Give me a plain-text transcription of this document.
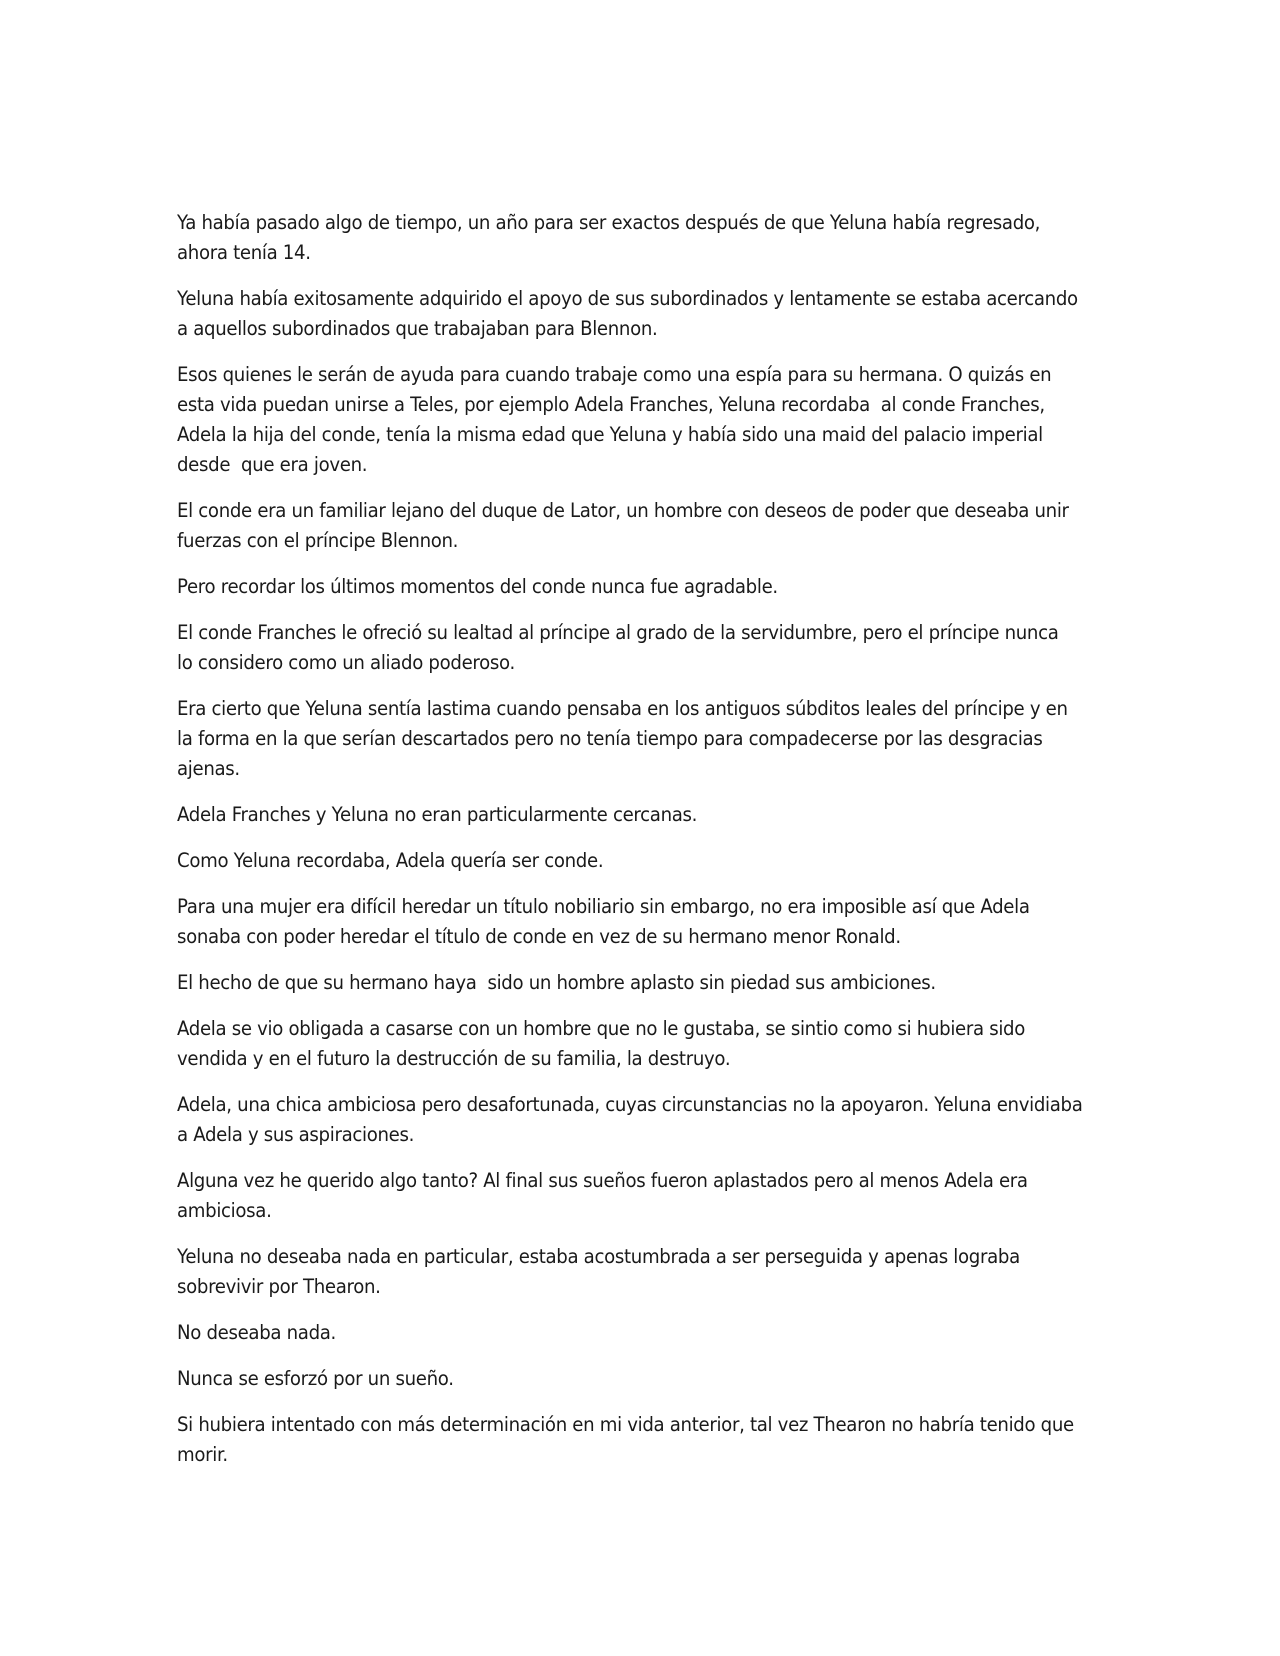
Ya había pasado algo de tiempo, un año para ser exactos después de que Yeluna había regresado,
ahora tenía 14.

Yeluna había exitosamente adquirido el apoyo de sus subordinados y lentamente se estaba acercando
a aquellos subordinados que trabajaban para Blennon.

Esos quienes le serán de ayuda para cuando trabaje como una espía para su hermana. O quizás en
esta vida puedan unirse a Teles, por ejemplo Adela Franches, Yeluna recordaba  al conde Franches,
Adela la hija del conde, tenía la misma edad que Yeluna y había sido una maid del palacio imperial
desde  que era joven.

El conde era un familiar lejano del duque de Lator, un hombre con deseos de poder que deseaba unir
fuerzas con el príncipe Blennon.

Pero recordar los últimos momentos del conde nunca fue agradable.

El conde Franches le ofreció su lealtad al príncipe al grado de la servidumbre, pero el príncipe nunca
lo considero como un aliado poderoso.

Era cierto que Yeluna sentía lastima cuando pensaba en los antiguos súbditos leales del príncipe y en
la forma en la que serían descartados pero no tenía tiempo para compadecerse por las desgracias
ajenas.

Adela Franches y Yeluna no eran particularmente cercanas.

Como Yeluna recordaba, Adela quería ser conde.

Para una mujer era difícil heredar un título nobiliario sin embargo, no era imposible así que Adela
sonaba con poder heredar el título de conde en vez de su hermano menor Ronald.

El hecho de que su hermano haya  sido un hombre aplasto sin piedad sus ambiciones.

Adela se vio obligada a casarse con un hombre que no le gustaba, se sintio como si hubiera sido
vendida y en el futuro la destrucción de su familia, la destruyo.

Adela, una chica ambiciosa pero desafortunada, cuyas circunstancias no la apoyaron. Yeluna envidiaba
a Adela y sus aspiraciones.

Alguna vez he querido algo tanto? Al final sus sueños fueron aplastados pero al menos Adela era
ambiciosa.

Yeluna no deseaba nada en particular, estaba acostumbrada a ser perseguida y apenas lograba
sobrevivir por Thearon.

No deseaba nada.

Nunca se esforzó por un sueño.

Si hubiera intentado con más determinación en mi vida anterior, tal vez Thearon no habría tenido que
morir.
